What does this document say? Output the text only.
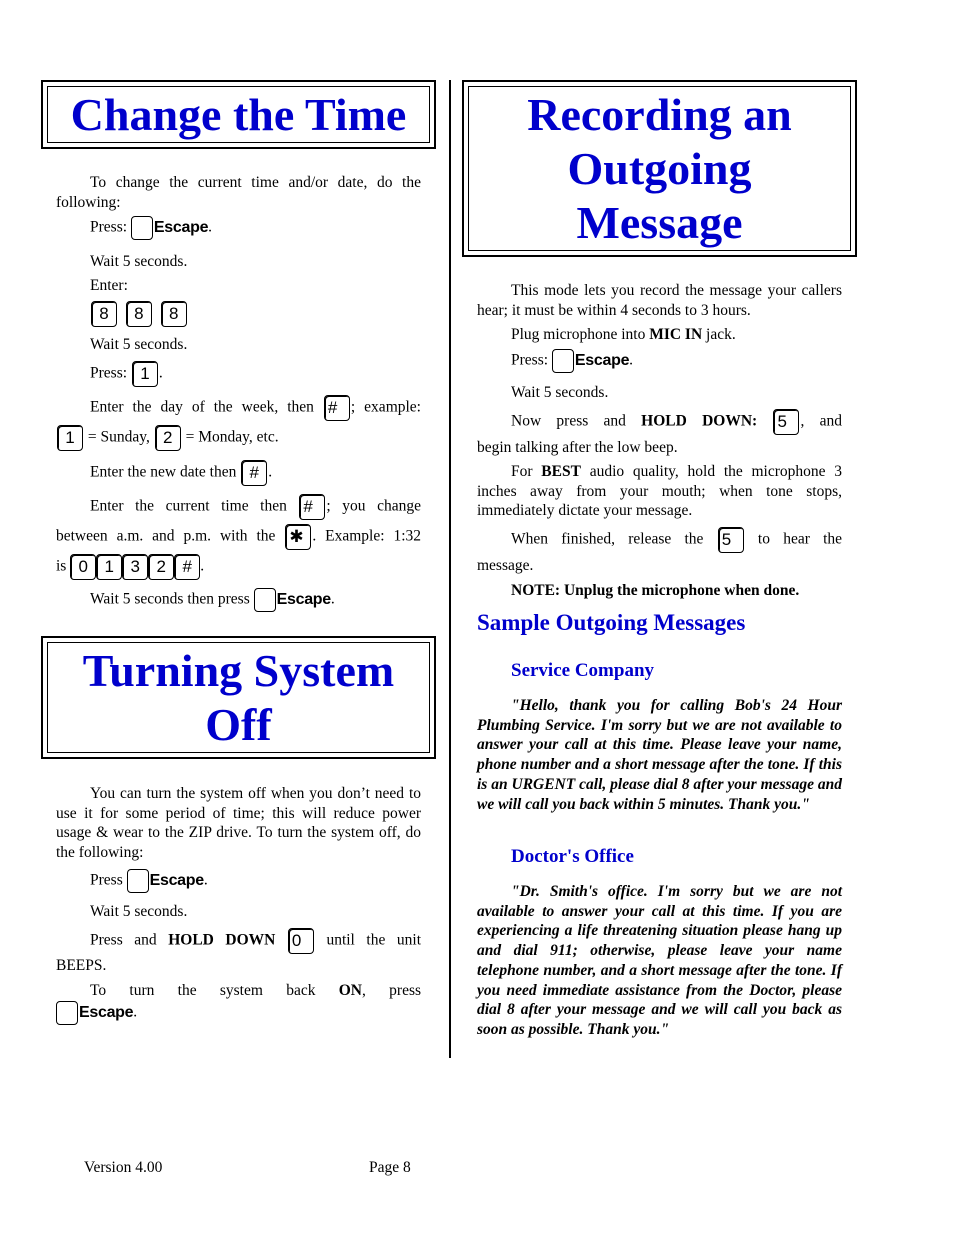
Change the Time

To change the current time and/or date, do the following:

Press: Escape .

Wait 5 seconds.

Enter:

8 8 8

Wait 5 seconds.

Press: 1 .

Enter the day of the week, then # ; example:

1 = Sunday, 2 = Monday, etc.

Enter the new date then # .

Enter the current time then # ; you change

between a.m. and p.m. with the ✱ . Example: 1:32

is 0 1 3 2 # .

Wait 5 seconds then press Escape .

Turning System
Off

You can turn the system off when you don’t need to use it for some period of time; this will reduce power usage & wear to the ZIP drive. To turn the system off, do the following:

Press Escape .

Wait 5 seconds.

Press and HOLD DOWN 0 until the unit

BEEPS.

To turn the system back ON, press

Escape .

Recording an
Outgoing
Message

This mode lets you record the message your callers hear; it must be within 4 seconds to 3 hours.

Plug microphone into MIC IN jack.

Press: Escape .

Wait 5 seconds.

Now press and HOLD DOWN: 5 , and

begin talking after the low beep.

For BEST audio quality, hold the microphone 3 inches away from your mouth; when tone stops, immediately dictate your message.

When finished, release the 5 to hear the

message.

NOTE: Unplug the microphone when done.

Sample Outgoing Messages

Service Company

"Hello, thank you for calling Bob's 24 Hour Plumbing Service. I'm sorry but we are not available to answer your call at this time. Please leave your name, phone number and a short message after the tone. If this is an URGENT call, please dial 8 after your message and we will call you back within 5 minutes. Thank you."

Doctor's Office

"Dr. Smith's office. I'm sorry but we are not available to answer your call at this time. If you are experiencing a life threatening situation please hang up and dial 911; otherwise, please leave your name telephone number, and a short message after the tone. If you need immediate assistance from the Doctor, please dial 8 after your message and we will call you back as soon as possible. Thank you."

Version 4.00	Page 8
